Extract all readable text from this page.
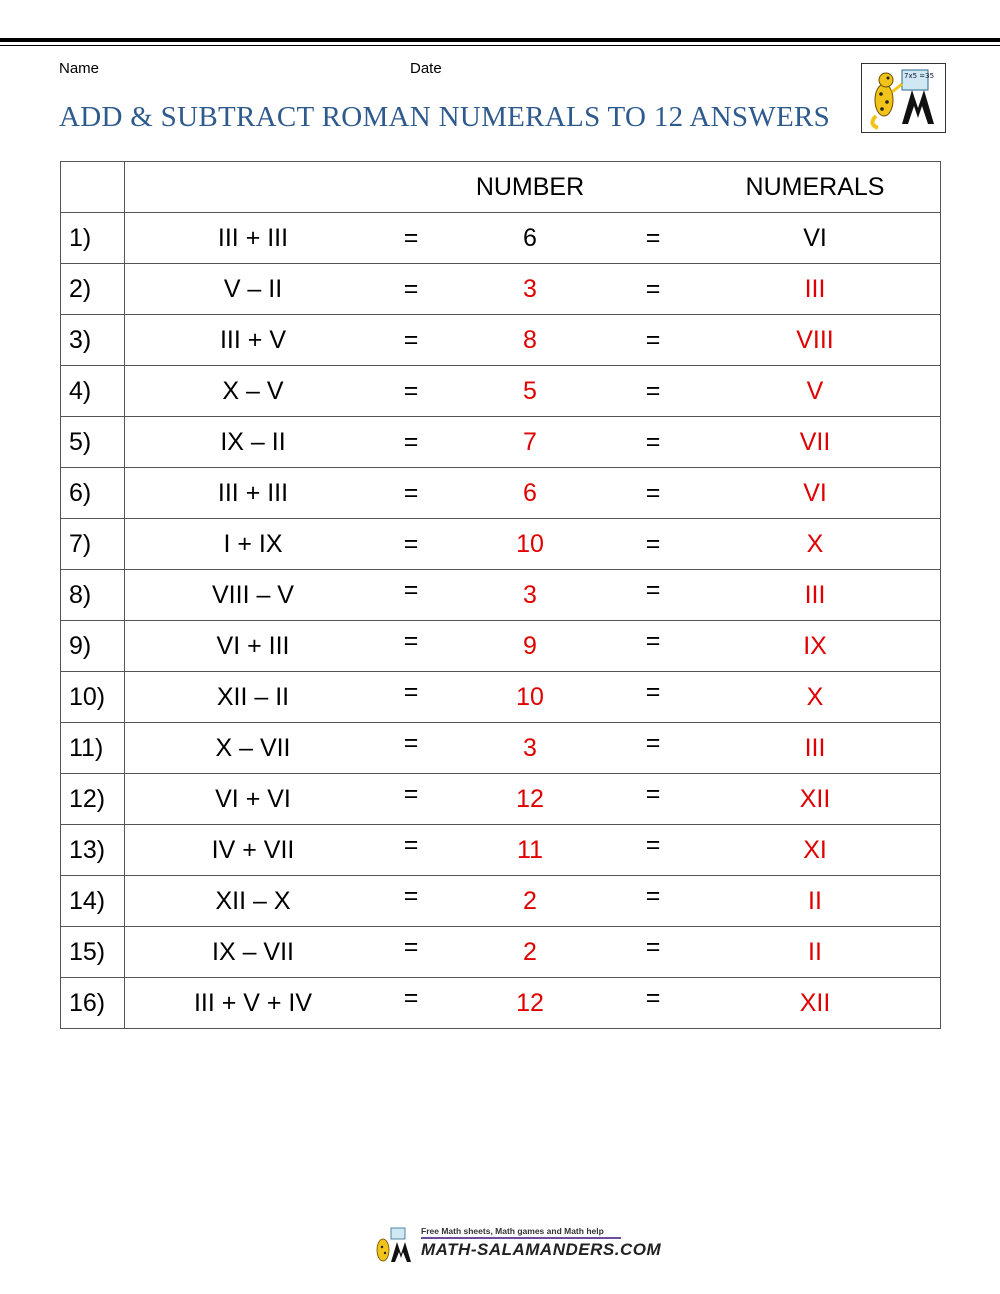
Name	Date
ADD & SUBTRACT ROMAN NUMERALS TO 12 ANSWERS
7x5 =35

	NUMBER NUMERALS

1)	III + III = 6 = VI

2)	V – II = 3 = III

3)	III + V = 8 = VIII

4)	X – V = 5 = V

5)	IX – II = 7 = VII

6)	III + III = 6 = VI

7)	I + IX = 10 = X

8)	VIII – V = 3 = III

9)	VI + III = 9 = IX

10)	XII – II = 10 = X

11)	X – VII = 3 = III

12)	VI + VI = 12 = XII

13)	IV + VII = 11 = XI

14)	XII – X = 2 = II

15)	IX – VII = 2 = II

16)	III + V + IV = 12 = XII
Free Math sheets, Math games and Math help
MATH-SALAMANDERS.COM
